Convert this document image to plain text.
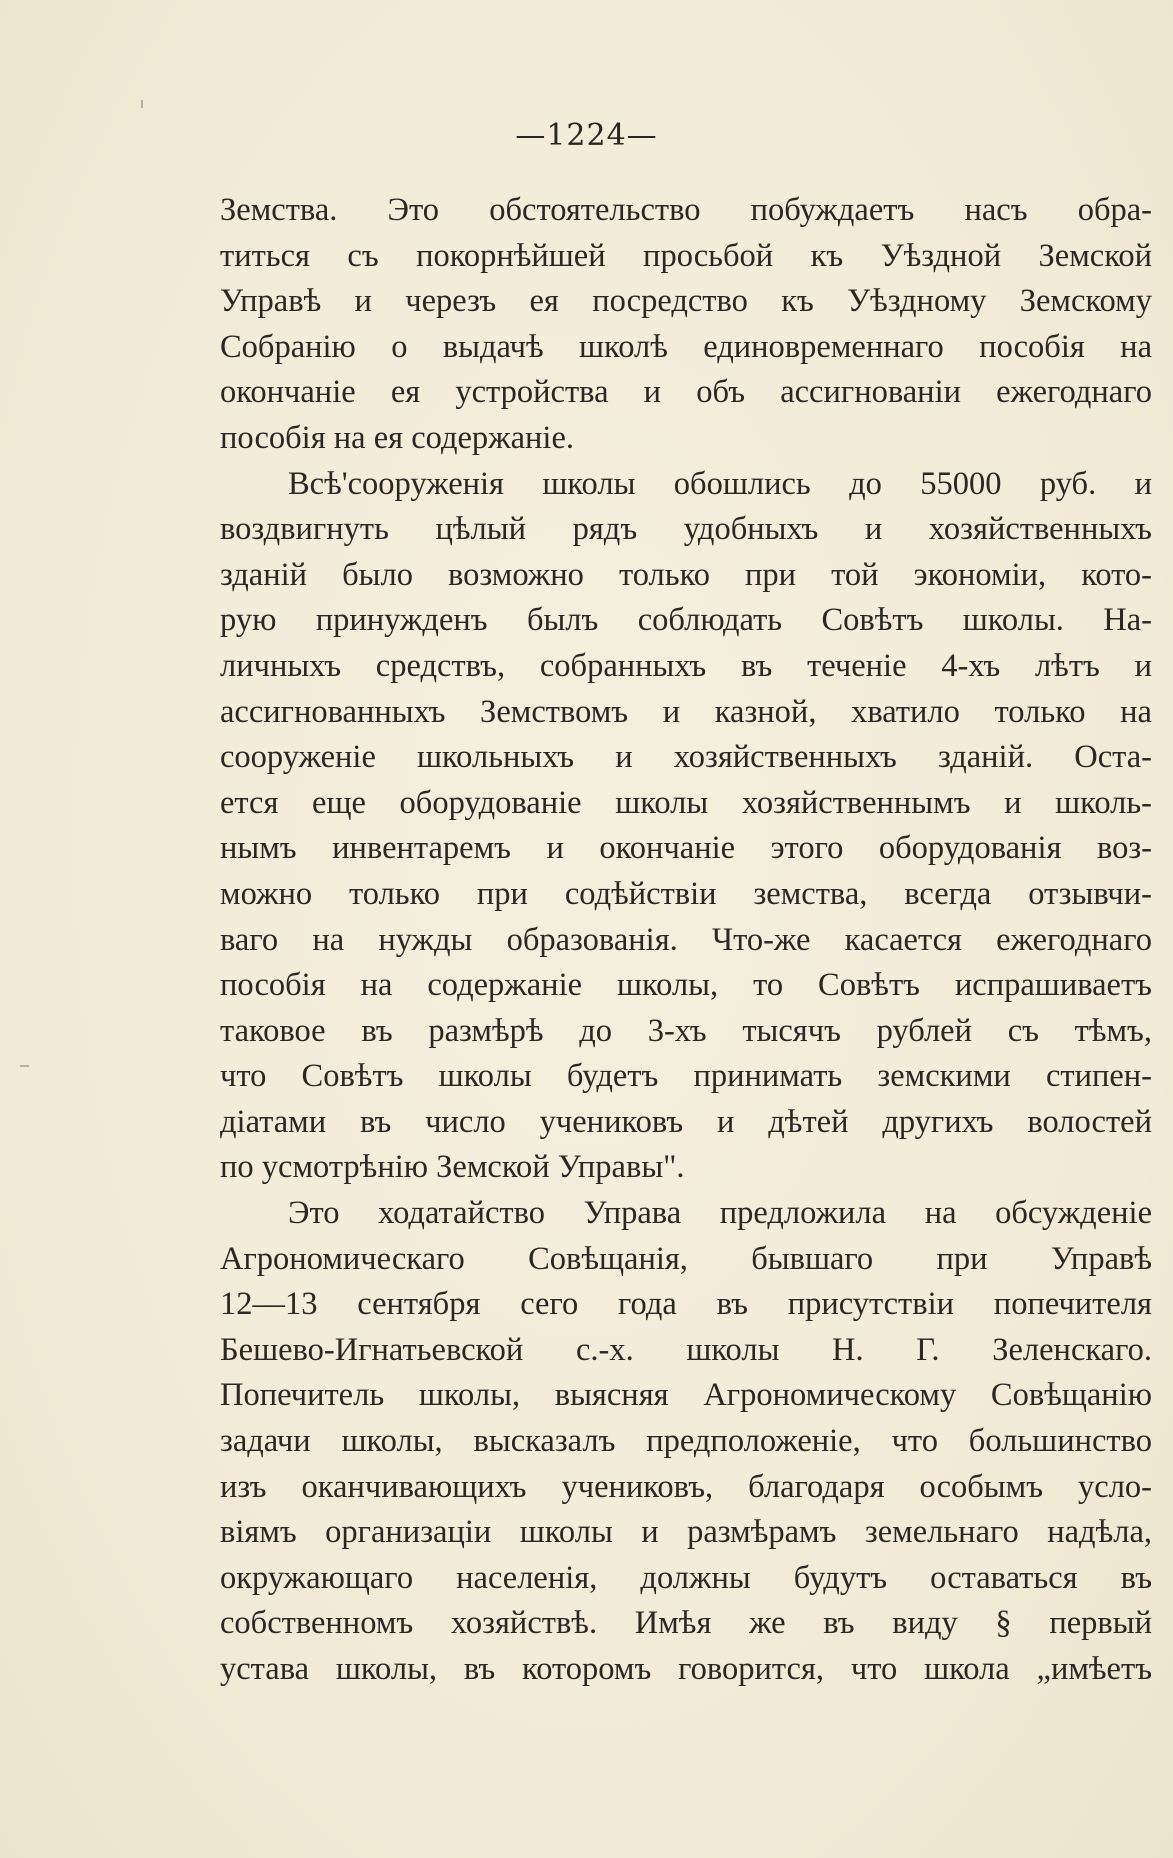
—1224—
Земства. Это обстоятельство побуждаетъ насъ обра-
титься съ покорнѣйшей просьбой къ Уѣздной Земской
Управѣ и черезъ ея посредство къ Уѣздному Земскому
Собранію о выдачѣ школѣ единовременнаго пособія на
окончаніе ея устройства и объ ассигнованіи ежегоднаго
пособія на ея содержаніе.
Всѣ'сооруженія школы обошлись до 55000 руб. и
воздвигнуть цѣлый рядъ удобныхъ и хозяйственныхъ
зданій было возможно только при той экономіи, кото-
рую принужденъ былъ соблюдать Совѣтъ школы. На-
личныхъ средствъ, собранныхъ въ теченіе 4-хъ лѣтъ и
ассигнованныхъ Земствомъ и казной, хватило только на
сооруженіе школьныхъ и хозяйственныхъ зданій. Оста-
ется еще оборудованіе школы хозяйственнымъ и школь-
нымъ инвентаремъ и окончаніе этого оборудованія воз-
можно только при содѣйствіи земства, всегда отзывчи-
ваго на нужды образованія. Что-же касается ежегоднаго
пособія на содержаніе школы, то Совѣтъ испрашиваетъ
таковое въ размѣрѣ до 3-хъ тысячъ рублей съ тѣмъ,
что Совѣтъ школы будетъ принимать земскими стипен-
діатами въ число учениковъ и дѣтей другихъ волостей
по усмотрѣнію Земской Управы".
Это ходатайство Управа предложила на обсужденіе
Агрономическаго Совѣщанія, бывшаго при Управѣ
12—13 сентября сего года въ присутствіи попечителя
Бешево-Игнатьевской с.-х. школы Н. Г. Зеленскаго.
Попечитель школы, выясняя Агрономическому Совѣщанію
задачи школы, высказалъ предположеніе, что большинство
изъ оканчивающихъ учениковъ, благодаря особымъ усло-
віямъ организаціи школы и размѣрамъ земельнаго надѣла,
окружающаго населенія, должны будутъ оставаться въ
собственномъ хозяйствѣ. Имѣя же въ виду § первый
устава школы, въ которомъ говорится, что школа „имѣетъ
